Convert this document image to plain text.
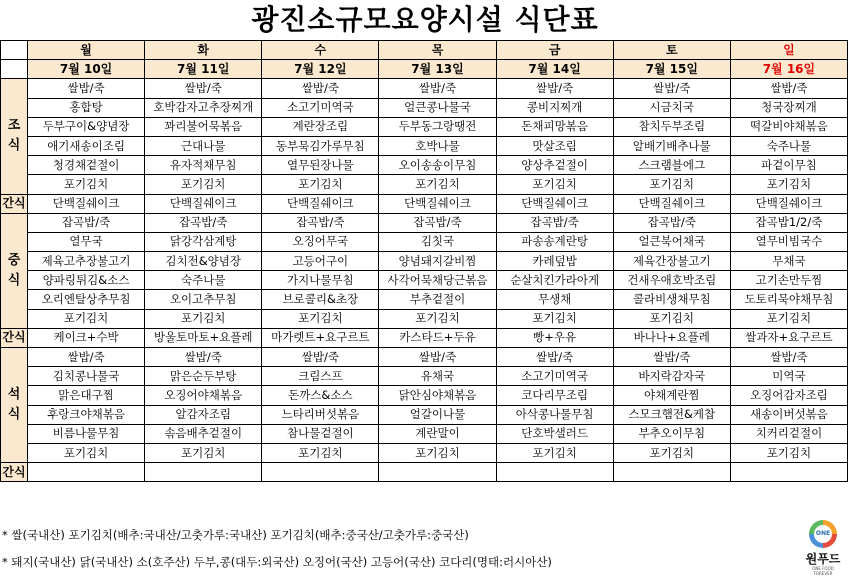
광진소규모요양시설 식단표
	월	화	수	목	금	토	일
	7월 10일	7월 11일	7월 12일	7월 13일	7월 14일	7월 15일	7월 16일
조
식	쌀밥/죽	쌀밥/죽	쌀밥/죽	쌀밥/죽	쌀밥/죽	쌀밥/죽	쌀밥/죽
	홍합탕	호박감자고추장찌개	소고기미역국	얼큰콩나물국	콩비지찌개	시금치국	청국장찌개
	두부구이&양념장	꽈리불어묵볶음	계란장조림	두부동그랑땡전	돈채피망볶음	참치두부조림	떡갈비야채볶음
	애기새송이조림	근대나물	동부묵김가루무침	호박나물	맛살조림	알배기배추나물	숙주나물
	청경채겉절이	유자적채무침	열무된장나물	오이송송이무침	양상추겉절이	스크램블에그	파겉이무침
	포기김치	포기김치	포기김치	포기김치	포기김치	포기김치	포기김치
간식	단백질쉐이크	단백질쉐이크	단백질쉐이크	단백질쉐이크	단백질쉐이크	단백질쉐이크	단백질쉐이크
중
식	잡곡밥/죽	잡곡밥/죽	잡곡밥/죽	잡곡밥/죽	잡곡밥/죽	잡곡밥/죽	잡곡밥1/2/죽
	열무국	닭강각삼계탕	오징어무국	김칫국	파송송계란탕	얼큰북어채국	열무비빔국수
	제육고추장불고기	김치전&양념장	고등어구이	양념돼지갈비찜	카레덮밥	제육간장불고기	무채국
	양파링튀김&소스	숙주나물	가지나물무침	사각어묵채당근볶음	순살치킨가라아게	건새우애호박조림	고기손만두찜
	오리엔탈상추무침	오이고추무침	브로콜리&초장	부추겉절이	무생채	콜라비생채무침	도토리묵야채무침
	포기김치	포기김치	포기김치	포기김치	포기김치	포기김치	포기김치
간식	케이크+수박	방울토마토+요플레	마가렛트+요구르트	카스타드+두유	빵+우유	바나나+요플레	쌀과자+요구르트
석
식	쌀밥/죽	쌀밥/죽	쌀밥/죽	쌀밥/죽	쌀밥/죽	쌀밥/죽	쌀밥/죽
	김치콩나물국	맑은순두부탕	크림스프	유채국	소고기미역국	바지락감자국	미역국
	맑은대구찜	오징어야채볶음	돈까스&소스	닭안심야채볶음	코다리무조림	야채계란찜	오징어감자조림
	후랑크야채볶음	알감자조림	느타리버섯볶음	얼갈이나물	아삭콩나물무침	스모크햄전&케찹	새송이버섯볶음
	비름나물무침	솎음배추겉절이	참나물겉절이	계란말이	단호박샐러드	부추오이무침	치커리겉절이
	포기김치	포기김치	포기김치	포기김치	포기김치	포기김치	포기김치
간식							
* 쌀(국내산) 포기김치(배추:국내산/고춧가루:국내산) 포기김치(배추:중국산/고춧가루:중국산)
* 돼지(국내산) 닭(국내산) 소(호주산) 두부,콩(대두:외국산) 오징어(국산) 고등어(국산) 코다리(명태:러시아산)
ONE
원푸드
ONE FOOD FOREVER
